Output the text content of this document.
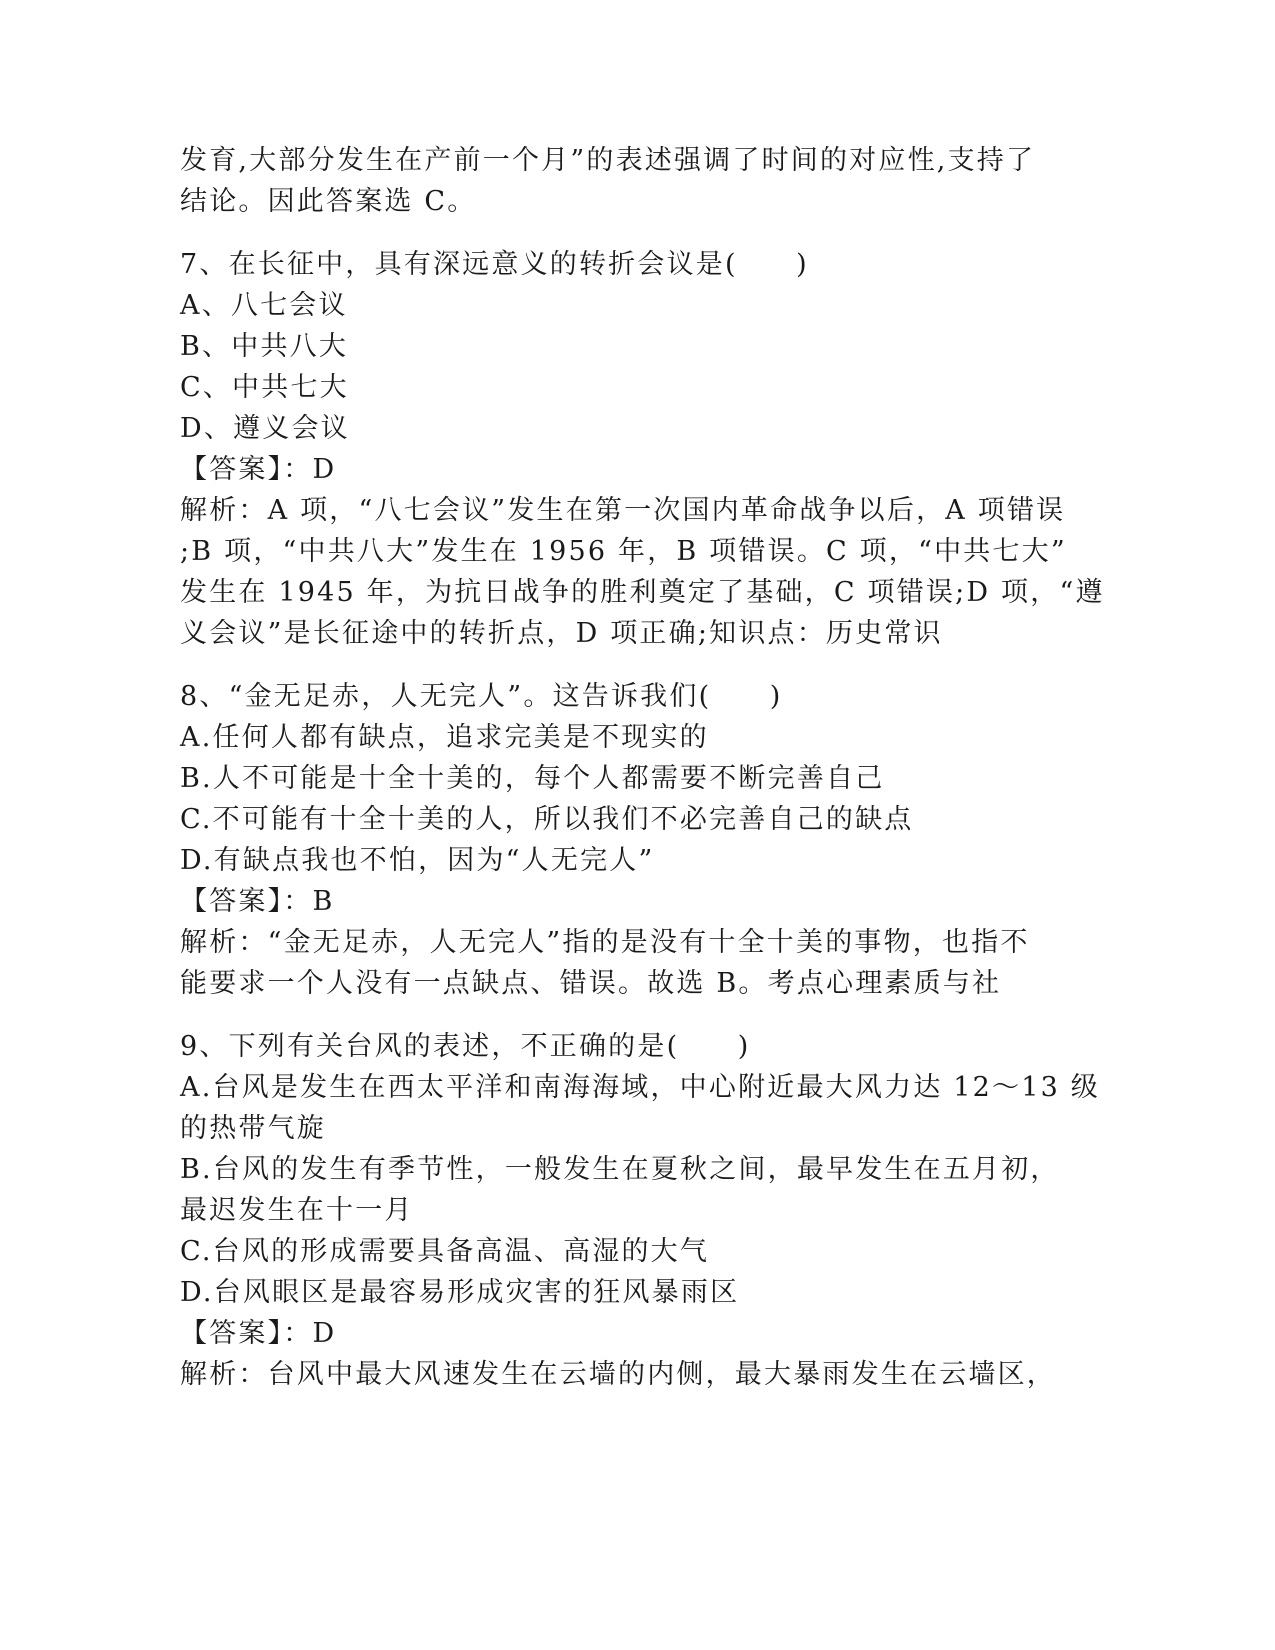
发育,大部分发生在产前一个月”的表述强调了时间的对应性,支持了
结论。因此答案选 C。
7、在长征中，具有深远意义的转折会议是(　　)
A、八七会议
B、中共八大
C、中共七大
D、遵义会议
【答案】：D
解析：A 项，“八七会议”发生在第一次国内革命战争以后，A 项错误
;B 项，“中共八大”发生在 1956 年，B 项错误。C 项，“中共七大”
发生在 1945 年，为抗日战争的胜利奠定了基础，C 项错误;D 项，“遵
义会议”是长征途中的转折点，D 项正确;知识点：历史常识
8、“金无足赤，人无完人”。这告诉我们(　　)
A.任何人都有缺点，追求完美是不现实的
B.人不可能是十全十美的，每个人都需要不断完善自己
C.不可能有十全十美的人，所以我们不必完善自己的缺点
D.有缺点我也不怕，因为“人无完人”
【答案】：B
解析：“金无足赤，人无完人”指的是没有十全十美的事物，也指不
能要求一个人没有一点缺点、错误。故选 B。考点心理素质与社
9、下列有关台风的表述，不正确的是(　　)
A.台风是发生在西太平洋和南海海域，中心附近最大风力达 12～13 级
的热带气旋
B.台风的发生有季节性，一般发生在夏秋之间，最早发生在五月初，
最迟发生在十一月
C.台风的形成需要具备高温、高湿的大气
D.台风眼区是最容易形成灾害的狂风暴雨区
【答案】：D
解析：台风中最大风速发生在云墙的内侧，最大暴雨发生在云墙区，
